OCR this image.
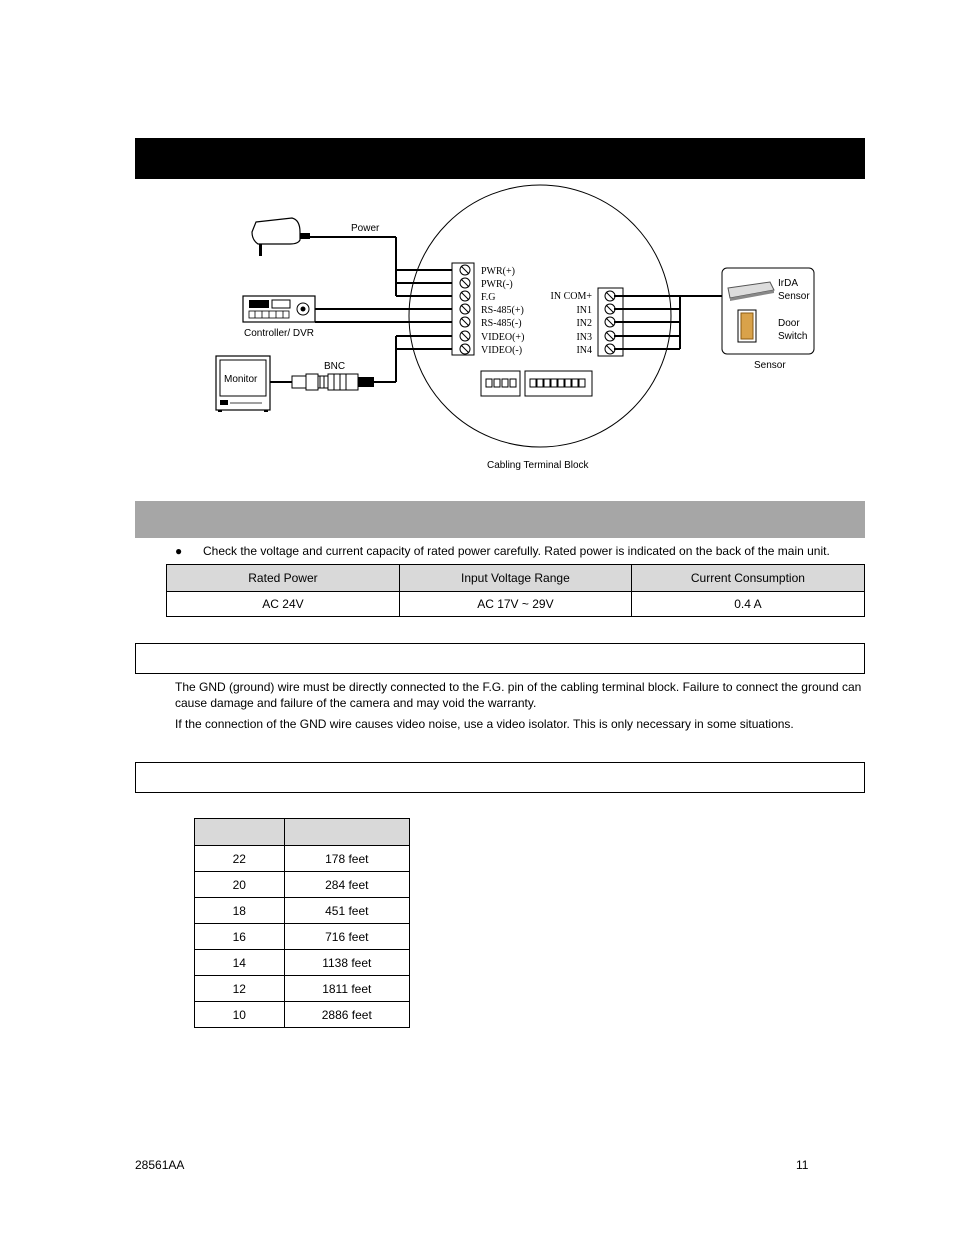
Power
Controller/ DVR
Monitor
BNC
PWR(+)
PWR(-)
F.G
RS-485(+)
RS-485(-)
VIDEO(+)
VIDEO(-)
IN COM+
IN1
IN2
IN3
IN4
IrDA
Sensor
Door
Switch
Sensor
Cabling Terminal Block
● Check the voltage and current capacity of rated power carefully. Rated power is indicated on the back of the main unit.
Rated Power	Input Voltage Range	Current Consumption
AC 24V	AC 17V ~ 29V	0.4 A
The GND (ground) wire must be directly connected to the F.G. pin of the cabling terminal block. Failure to connect the ground can
cause damage and failure of the camera and may void the warranty.
If the connection of the GND wire causes video noise, use a video isolator. This is only necessary in some situations.

22	178 feet
20	284 feet
18	451 feet
16	716 feet
14	1138 feet
12	1811 feet
10	2886 feet
28561AA	11
